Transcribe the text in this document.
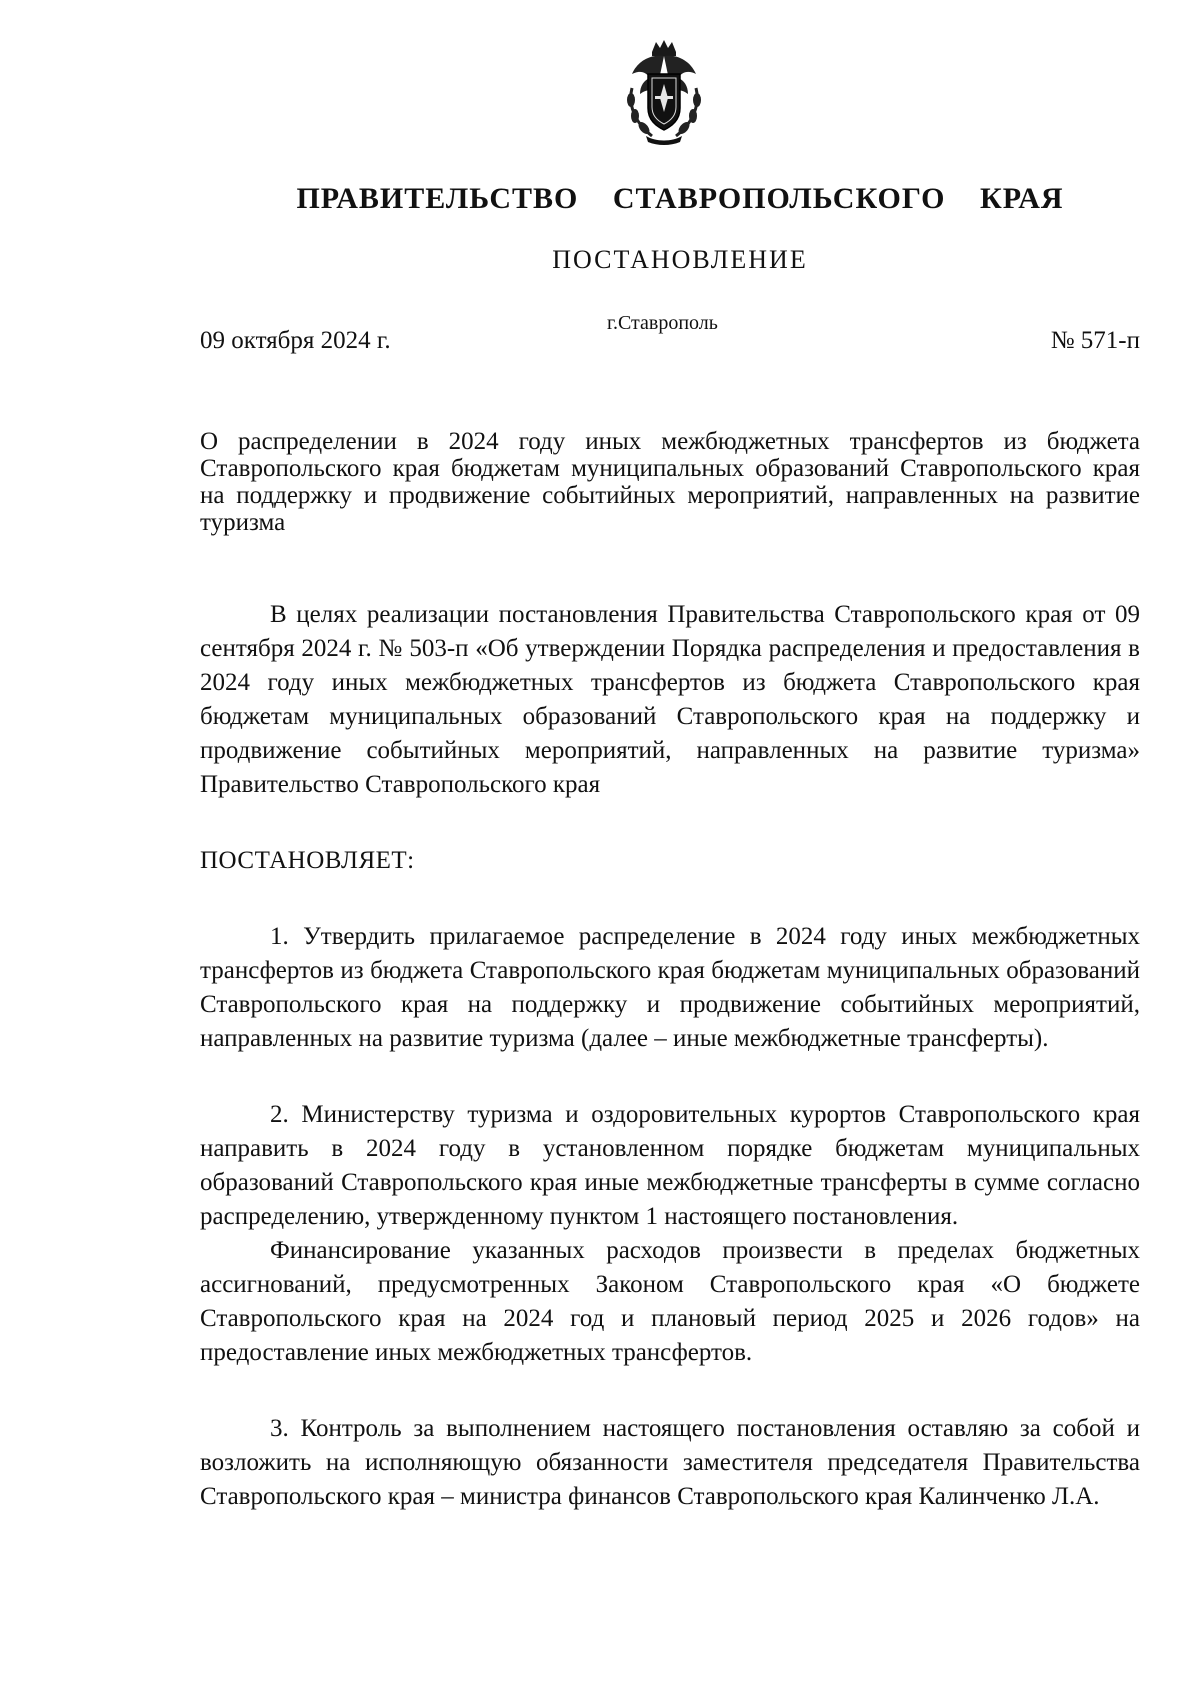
ПРАВИТЕЛЬСТВО СТАВРОПОЛЬСКОГО КРАЯ
ПОСТАНОВЛЕНИЕ
09 октября 2024 г.
г.Ставрополь
№ 571-п
О распределении в 2024 году иных межбюджетных трансфертов из бюджета Ставропольского края бюджетам муниципальных образований Ставропольского края на поддержку и продвижение событийных мероприятий, направленных на развитие туризма

В целях реализации постановления Правительства Ставропольского края от 09 сентября 2024 г. № 503-п «Об утверждении Порядка распределения и предоставления в 2024 году иных межбюджетных трансфертов из бюджета Ставропольского края бюджетам муниципальных образований Ставропольского края на поддержку и продвижение событийных мероприятий, направленных на развитие туризма» Правительство Ставропольского края

ПОСТАНОВЛЯЕТ:

1. Утвердить прилагаемое распределение в 2024 году иных межбюджетных трансфертов из бюджета Ставропольского края бюджетам муниципальных образований Ставропольского края на поддержку и продвижение событийных мероприятий, направленных на развитие туризма (далее – иные межбюджетные трансферты).

2. Министерству туризма и оздоровительных курортов Ставропольского края направить в 2024 году в установленном порядке бюджетам муниципальных образований Ставропольского края иные межбюджетные трансферты в сумме согласно распределению, утвержденному пунктом 1 настоящего постановления.

Финансирование указанных расходов произвести в пределах бюджетных ассигнований, предусмотренных Законом Ставропольского края «О бюджете Ставропольского края на 2024 год и плановый период 2025 и 2026 годов» на предоставление иных межбюджетных трансфертов.

3. Контроль за выполнением настоящего постановления оставляю за собой и возложить на исполняющую обязанности заместителя председателя Правительства Ставропольского края – министра финансов Ставропольского края Калинченко Л.А.
